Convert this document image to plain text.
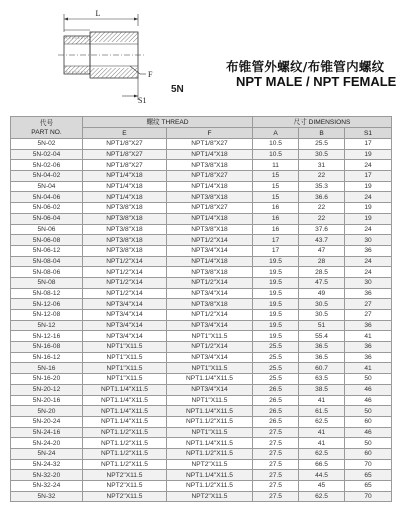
L
F
S1
5N
布锥管外螺纹/布锥管内螺纹
NPT MALE / NPT FEMALE
代号
PART NO.	螺纹 THREAD		尺寸 DIMENSIONS		
	E	F	A	B	S1
5N-02	NPT1/8"X27	NPT1/8"X27	10.5	25.5	17
5N-02-04	NPT1/8"X27	NPT1/4"X18	10.5	30.5	19
5N-02-06	NPT1/8"X27	NPT3/8"X18	11	31	24
5N-04-02	NPT1/4"X18	NPT1/8"X27	15	22	17
5N-04	NPT1/4"X18	NPT1/4"X18	15	35.3	19
5N-04-06	NPT1/4"X18	NPT3/8"X18	15	36.6	24
5N-06-02	NPT3/8"X18	NPT1/8"X27	16	22	19
5N-06-04	NPT3/8"X18	NPT1/4"X18	16	22	19
5N-06	NPT3/8"X18	NPT3/8"X18	16	37.6	24
5N-06-08	NPT3/8"X18	NPT1/2"X14	17	43.7	30
5N-06-12	NPT3/8"X18	NPT3/4"X14	17	47	36
5N-08-04	NPT1/2"X14	NPT1/4"X18	19.5	28	24
5N-08-06	NPT1/2"X14	NPT3/8"X18	19.5	28.5	24
5N-08	NPT1/2"X14	NPT1/2"X14	19.5	47.5	30
5N-08-12	NPT1/2"X14	NPT3/4"X14	19.5	49	36
5N-12-06	NPT3/4"X14	NPT3/8"X18	19.5	30.5	27
5N-12-08	NPT3/4"X14	NPT1/2"X14	19.5	30.5	27
5N-12	NPT3/4"X14	NPT3/4"X14	19.5	51	36
5N-12-16	NPT3/4"X14	NPT1"X11.5	19.5	55.4	41
5N-16-08	NPT1"X11.5	NPT1/2"X14	25.5	36.5	36
5N-16-12	NPT1"X11.5	NPT3/4"X14	25.5	36.5	36
5N-16	NPT1"X11.5	NPT1"X11.5	25.5	60.7	41
5N-16-20	NPT1"X11.5	NPT1.1/4"X11.5	25.5	63.5	50
5N-20-12	NPT1.1/4"X11.5	NPT3/4"X14	26.5	38.5	46
5N-20-16	NPT1.1/4"X11.5	NPT1"X11.5	26.5	41	46
5N-20	NPT1.1/4"X11.5	NPT1.1/4"X11.5	26.5	61.5	50
5N-20-24	NPT1.1/4"X11.5	NPT1.1/2"X11.5	26.5	62.5	60
5N-24-16	NPT1.1/2"X11.5	NPT1"X11.5	27.5	41	46
5N-24-20	NPT1.1/2"X11.5	NPT1.1/4"X11.5	27.5	41	50
5N-24	NPT1.1/2"X11.5	NPT1.1/2"X11.5	27.5	62.5	60
5N-24-32	NPT1.1/2"X11.5	NPT2"X11.5	27.5	66.5	70
5N-32-20	NPT2"X11.5	NPT1.1/4"X11.5	27.5	44.5	65
5N-32-24	NPT2"X11.5	NPT1.1/2"X11.5	27.5	45	65
5N-32	NPT2"X11.5	NPT2"X11.5	27.5	62.5	70
